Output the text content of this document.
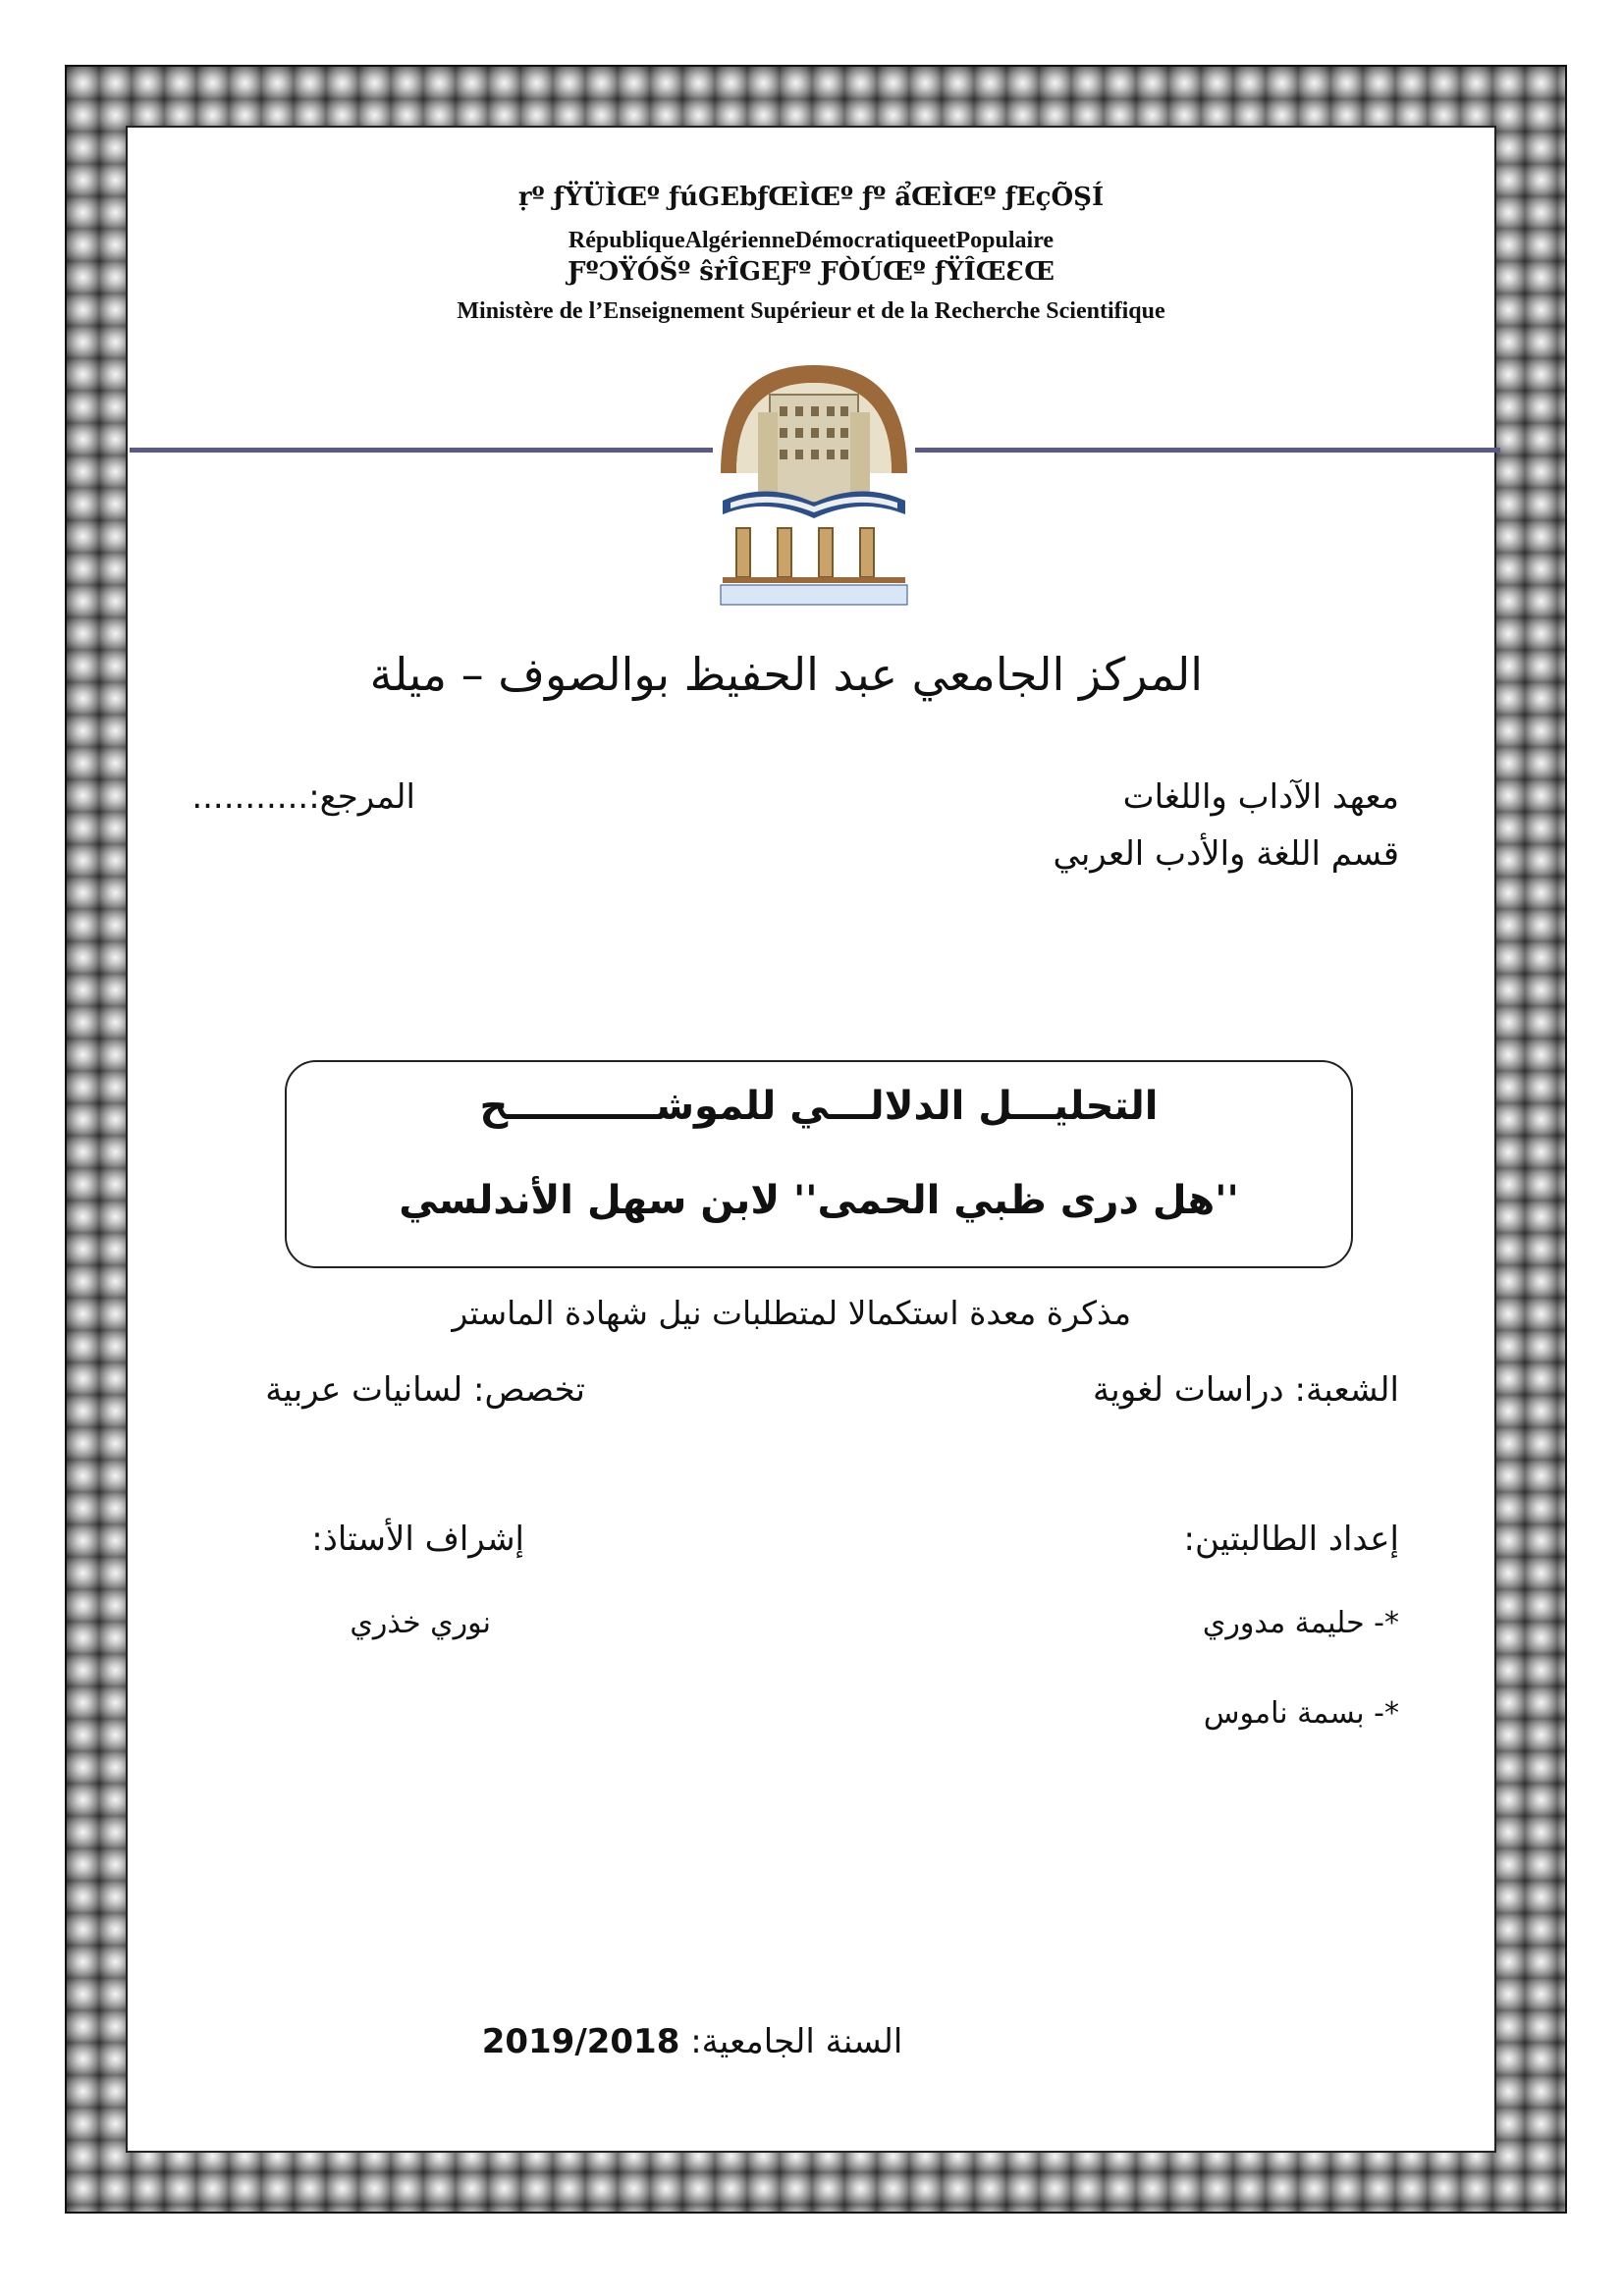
ṛº ƒŸÜÌŒº ƒúGEbƒŒÌŒº ƒº ẩŒÌŒº ƒEçÕŞÍ
RépubliqueAlgérienneDémocratiqueetPopulaire
ƑºƆŸÓŠº ŝṙÎGEƑº ƑÒÚŒº ƒŸÎŒƐŒ
Ministère de l’Enseignement Supérieur et de la Recherche Scientifique
المركز الجامعي عبد الحفيظ بوالصوف – ميلة
معهد الآداب واللغات
قسم اللغة والأدب العربي
المرجع:...........
التحليـــل الدلالـــي للموشـــــــــــح
''هل درى ظبي الحمى'' لابن سهل الأندلسي
مذكرة معدة استكمالا لمتطلبات نيل شهادة الماستر
الشعبة: دراسات لغوية
تخصص: لسانيات عربية
إعداد الطالبتين:
إشراف الأستاذ:
*- حليمة مدوري
نوري خذري
*- بسمة ناموس
السنة الجامعية: 2019/2018
